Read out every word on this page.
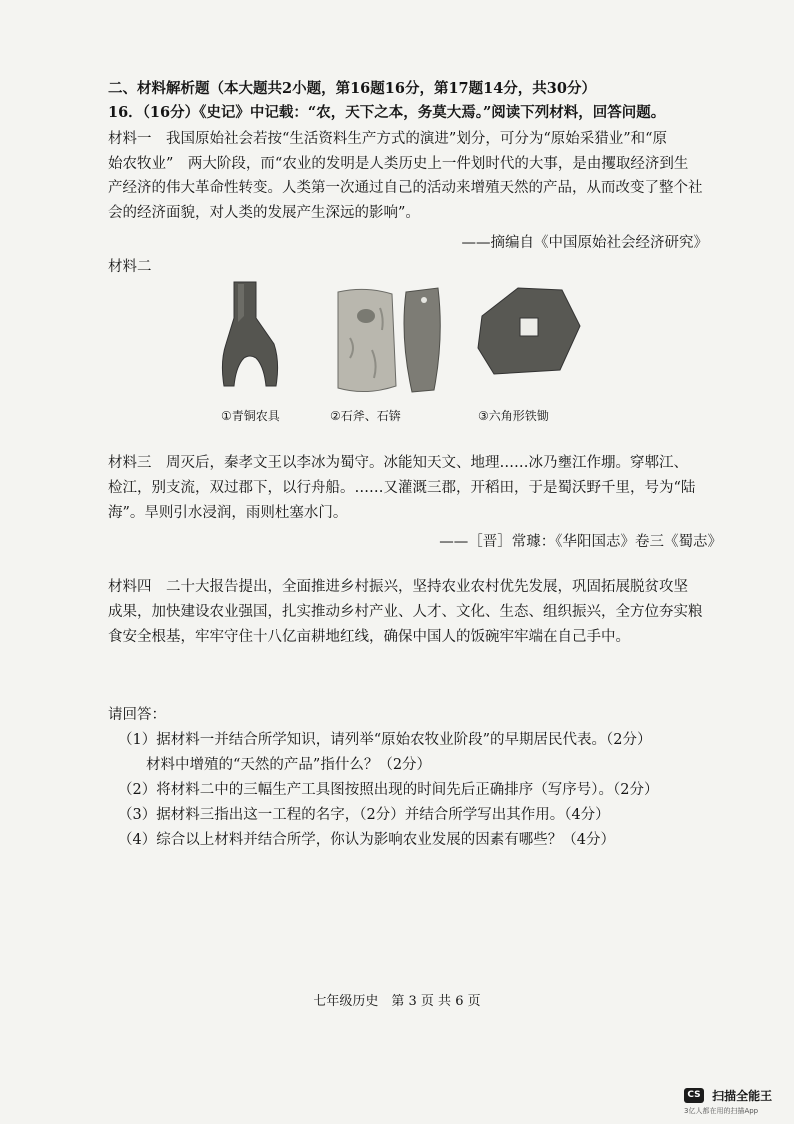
二、材料解析题（本大题共2小题，第16题16分，第17题14分，共30分）
16．（16分）《史记》中记载：“农，天下之本，务莫大焉。”阅读下列材料，回答问题。
材料一　我国原始社会若按“生活资料生产方式的演进”划分，可分为“原始采猎业”和“原
始农牧业”　两大阶段，而“农业的发明是人类历史上一件划时代的大事，是由攫取经济到生
产经济的伟大革命性转变。人类第一次通过自己的活动来增殖天然的产品，从而改变了整个社
会的经济面貌，对人类的发展产生深远的影响”。
——摘编自《中国原始社会经济研究》
材料二
①青铜农具	②石斧、石锛	③六角形铁锄
材料三　周灭后，秦孝文王以李冰为蜀守。冰能知天文、地理……冰乃壅江作堋。穿郫江、
检江，别支流，双过郡下，以行舟船。……又灌溉三郡，开稻田，于是蜀沃野千里，号为“陆
海”。旱则引水浸润，雨则杜塞水门。
——［晋］常璩：《华阳国志》卷三《蜀志》
材料四　二十大报告提出，全面推进乡村振兴，坚持农业农村优先发展，巩固拓展脱贫攻坚
成果，加快建设农业强国，扎实推动乡村产业、人才、文化、生态、组织振兴，全方位夯实粮
食安全根基，牢牢守住十八亿亩耕地红线，确保中国人的饭碗牢牢端在自己手中。
请回答：
（1）据材料一并结合所学知识，请列举“原始农牧业阶段”的早期居民代表。（2分）
材料中增殖的“天然的产品”指什么？（2分）
（2）将材料二中的三幅生产工具图按照出现的时间先后正确排序（写序号）。（2分）
（3）据材料三指出这一工程的名字，（2分）并结合所学写出其作用。（4分）
（4）综合以上材料并结合所学，你认为影响农业发展的因素有哪些？（4分）
七年级历史　第 3 页 共 6 页
CS 扫描全能王
3亿人都在用的扫描App
